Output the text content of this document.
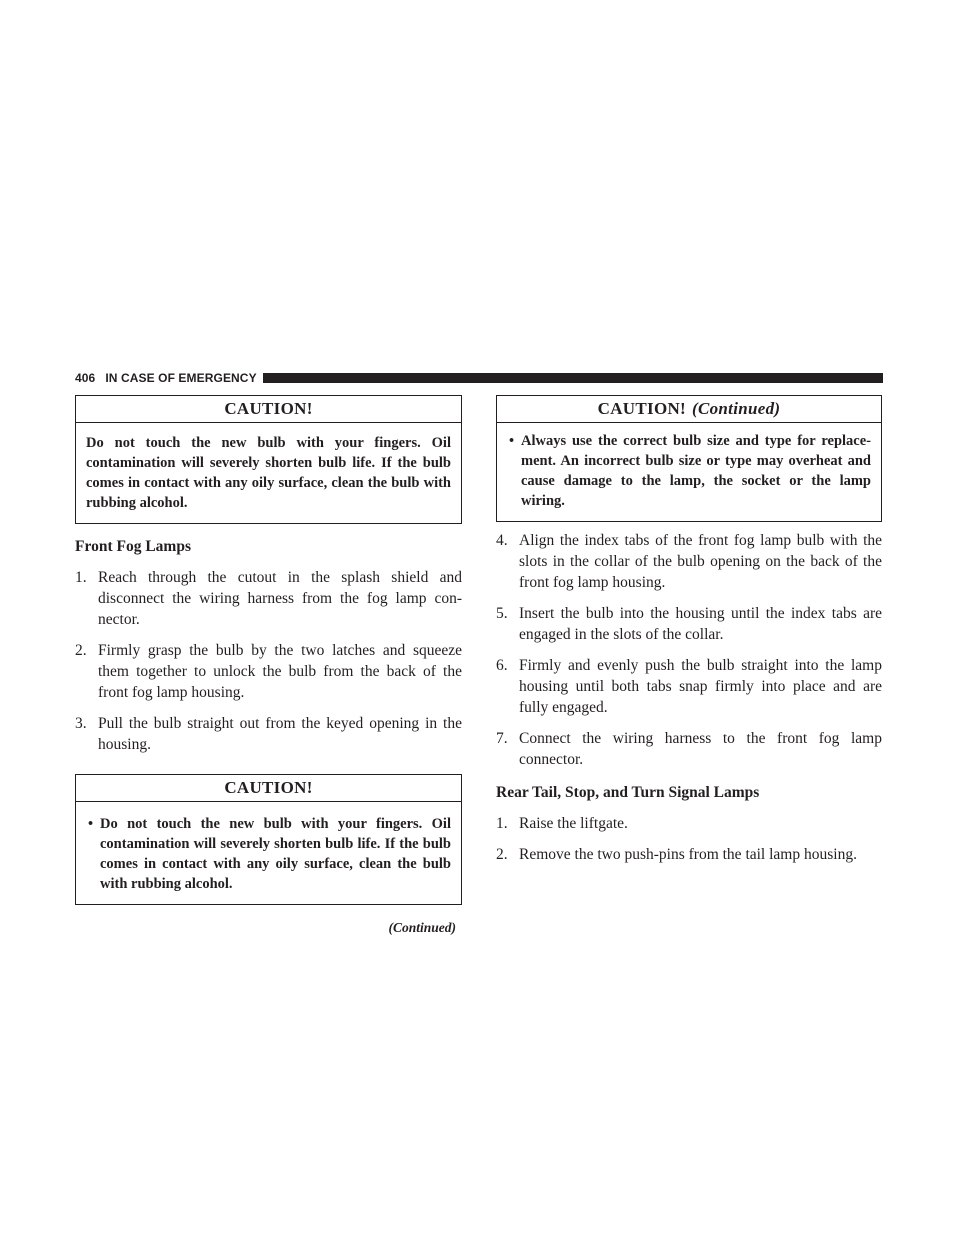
406 IN CASE OF EMERGENCY
CAUTION!
Do not touch the new bulb with your fingers. Oil contamination will severely shorten bulb life. If the bulb comes in contact with any oily surface, clean the bulb with rubbing alcohol.
Front Fog Lamps
1. Reach through the cutout in the splash shield and disconnect the wiring harness from the fog lamp con-nector.
2. Firmly grasp the bulb by the two latches and squeeze them together to unlock the bulb from the back of the front fog lamp housing.
3. Pull the bulb straight out from the keyed opening in the housing.
CAUTION!
• Do not touch the new bulb with your fingers. Oil contamination will severely shorten bulb life. If the bulb comes in contact with any oily surface, clean the bulb with rubbing alcohol.
(Continued)
CAUTION! (Continued)
• Always use the correct bulb size and type for replace-ment. An incorrect bulb size or type may overheat and cause damage to the lamp, the socket or the lamp wiring.
4. Align the index tabs of the front fog lamp bulb with the slots in the collar of the bulb opening on the back of the front fog lamp housing.
5. Insert the bulb into the housing until the index tabs are engaged in the slots of the collar.
6. Firmly and evenly push the bulb straight into the lamp housing until both tabs snap firmly into place and are fully engaged.
7. Connect the wiring harness to the front fog lamp connector.
Rear Tail, Stop, and Turn Signal Lamps
1. Raise the liftgate.
2. Remove the two push-pins from the tail lamp housing.
